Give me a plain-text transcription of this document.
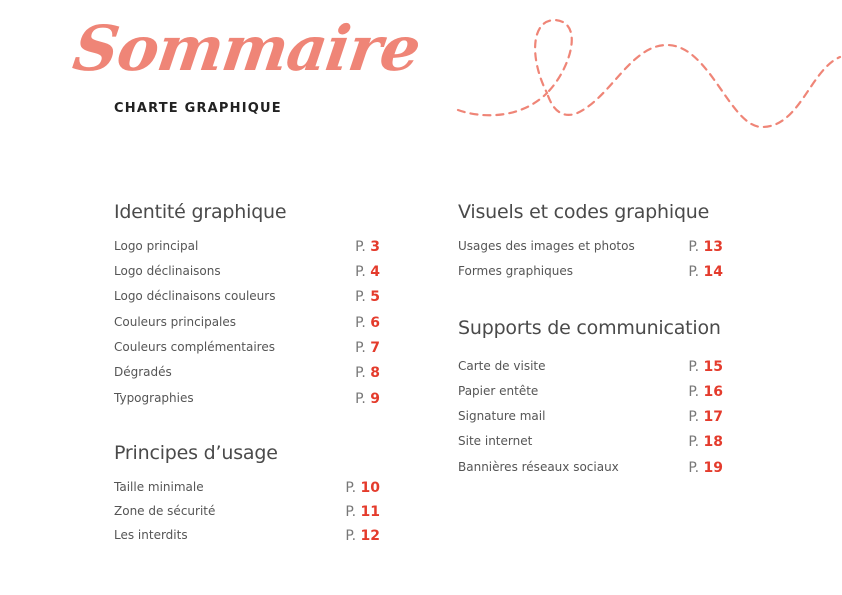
Sommaire
CHARTE GRAPHIQUE
Identité graphique
Logo principal	P. 3
Logo déclinaisons	P. 4
Logo déclinaisons couleurs	P. 5
Couleurs principales	P. 6
Couleurs complémentaires	P. 7
Dégradés	P. 8
Typographies	P. 9
Principes d’usage
Taille minimale	P. 10
Zone de sécurité	P. 11
Les interdits	P. 12
Visuels et codes graphique
Usages des images et photos	P. 13
Formes graphiques	P. 14
Supports de communication
Carte de visite	P. 15
Papier entête	P. 16
Signature mail	P. 17
Site internet	P. 18
Bannières réseaux sociaux	P. 19
